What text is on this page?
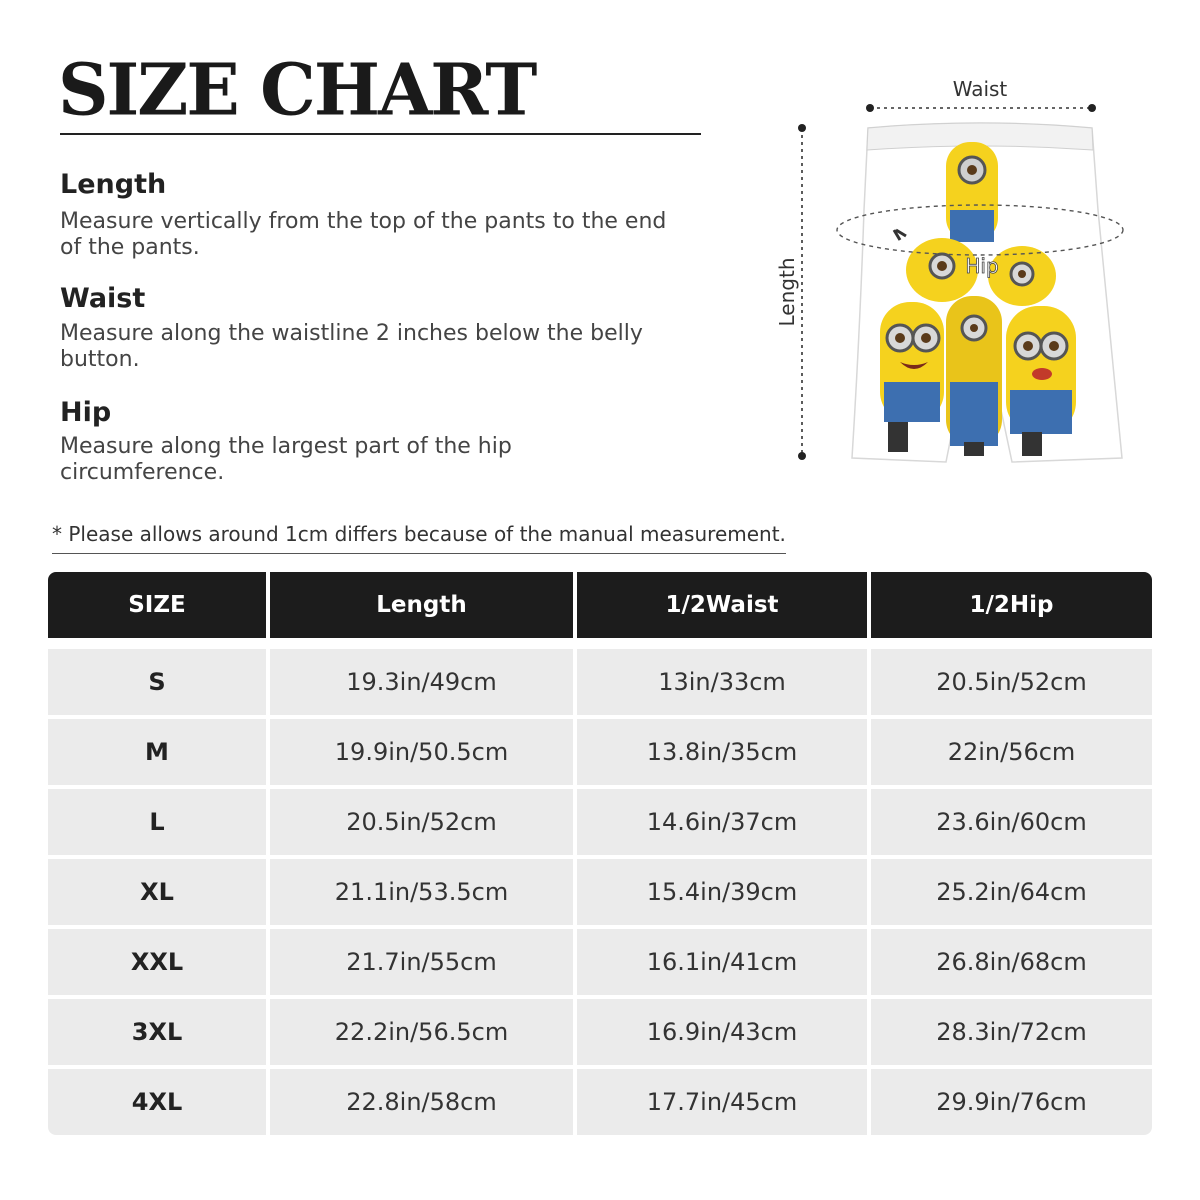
SIZE CHART
Length

Measure vertically from the top of the pants to the end of the pants.

Waist

Measure along the waistline 2 inches below the belly button.

Hip

Measure along the largest part of the hip circumference.

Waist
Length	Hip
* Please allows around 1cm differs because of the manual measurement.
SIZE	Length	1/2Waist	1/2Hip
S	19.3in/49cm	13in/33cm	20.5in/52cm
M	19.9in/50.5cm	13.8in/35cm	22in/56cm
L	20.5in/52cm	14.6in/37cm	23.6in/60cm
XL	21.1in/53.5cm	15.4in/39cm	25.2in/64cm
XXL	21.7in/55cm	16.1in/41cm	26.8in/68cm
3XL	22.2in/56.5cm	16.9in/43cm	28.3in/72cm
4XL	22.8in/58cm	17.7in/45cm	29.9in/76cm
